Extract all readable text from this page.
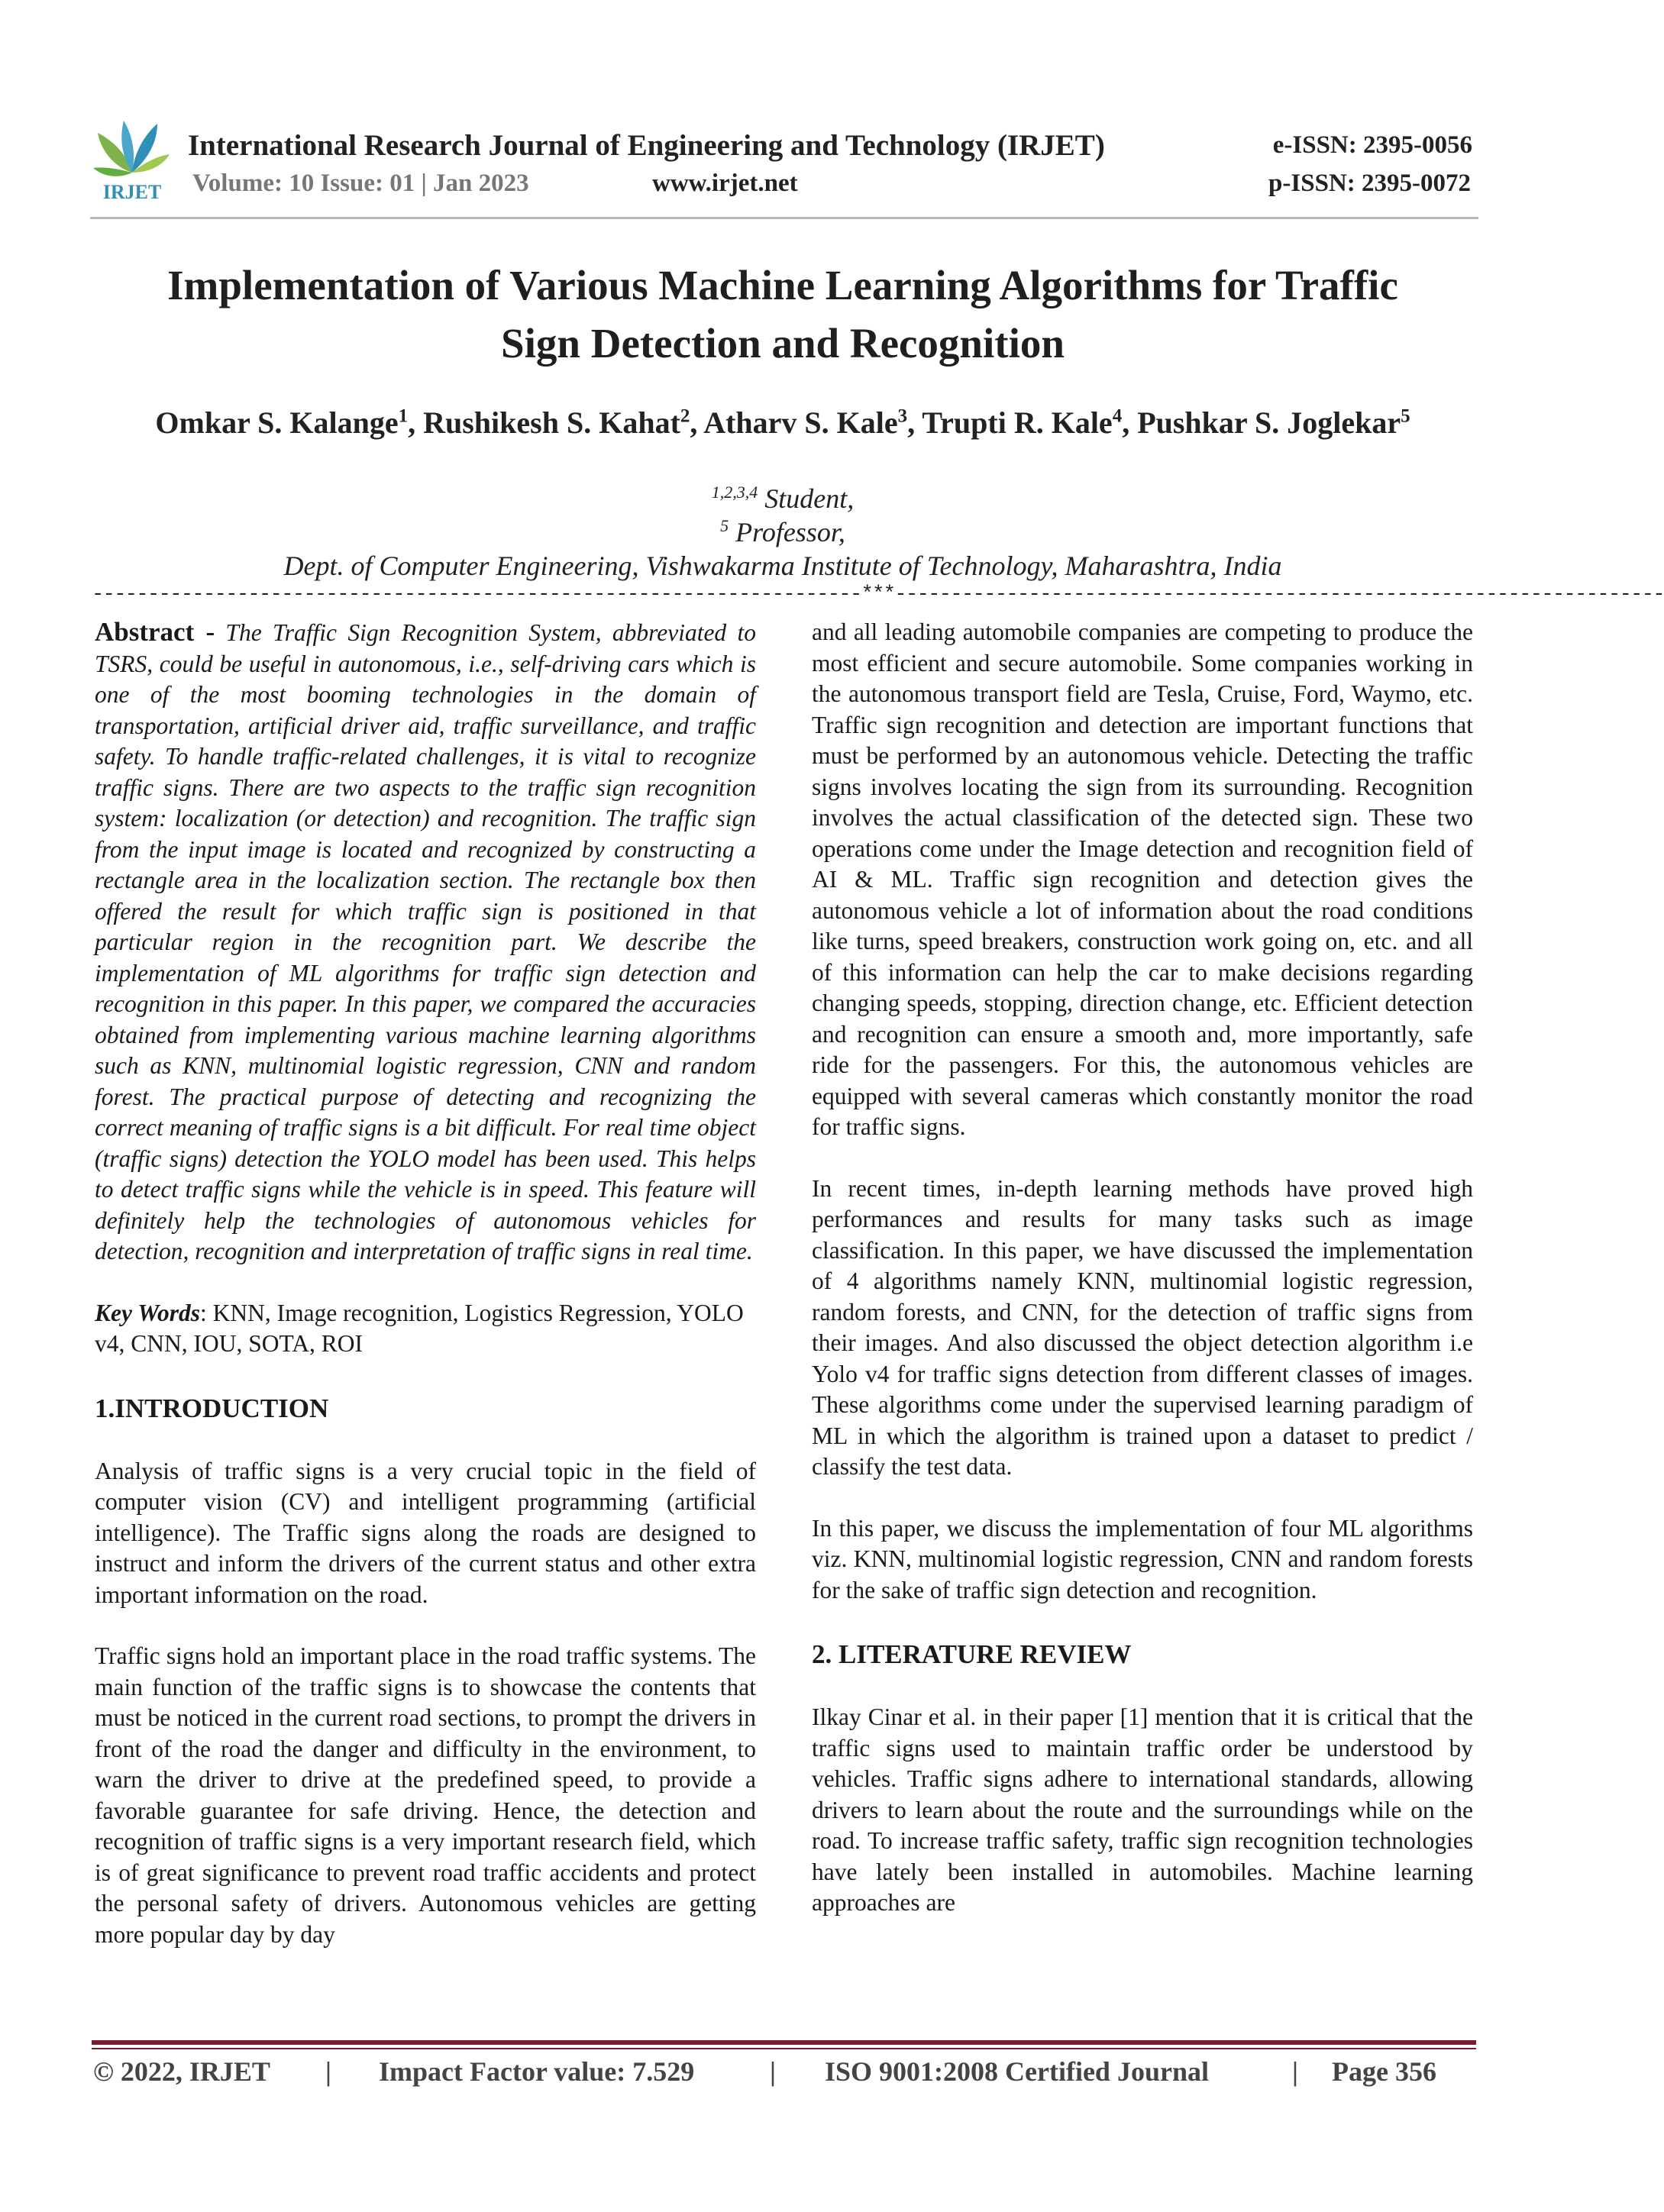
IRJET
International Research Journal of Engineering and Technology (IRJET)	e-ISSN: 2395-0056
Volume: 10 Issue: 01 | Jan 2023	www.irjet.net	p-ISSN: 2395-0072
Implementation of Various Machine Learning Algorithms for Traffic
Sign Detection and Recognition
Omkar S. Kalange$^1$, Rushikesh S. Kahat$^2$, Atharv S. Kale$^3$, Trupti R. Kale$^4$, Pushkar S. Joglekar$^5$
$^{1,2,3,4}$ Student,
$^5$ Professor,
Dept. of Computer Engineering, Vishwakarma Institute of Technology, Maharashtra, India
---------------------------------------------------------------------***---------------------------------------------------------------------

Abstract - The Traffic Sign Recognition System, abbreviated to TSRS, could be useful in autonomous, i.e., self-driving cars which is one of the most booming technologies in the domain of transportation, artificial driver aid, traffic surveillance, and traffic safety. To handle traffic-related challenges, it is vital to recognize traffic signs. There are two aspects to the traffic sign recognition system: localization (or detection) and recognition. The traffic sign from the input image is located and recognized by constructing a rectangle area in the localization section. The rectangle box then offered the result for which traffic sign is positioned in that particular region in the recognition part. We describe the implementation of ML algorithms for traffic sign detection and recognition in this paper. In this paper, we compared the accuracies obtained from implementing various machine learning algorithms such as KNN, multinomial logistic regression, CNN and random forest. The practical purpose of detecting and recognizing the correct meaning of traffic signs is a bit difficult. For real time object (traffic signs) detection the YOLO model has been used. This helps to detect traffic signs while the vehicle is in speed. This feature will definitely help the technologies of autonomous vehicles for detection, recognition and interpretation of traffic signs in real time.

Key Words: KNN, Image recognition, Logistics Regression, YOLO v4, CNN, IOU, SOTA, ROI

1.INTRODUCTION

Analysis of traffic signs is a very crucial topic in the field of computer vision (CV) and intelligent programming (artificial intelligence). The Traffic signs along the roads are designed to instruct and inform the drivers of the current status and other extra important information on the road.

Traffic signs hold an important place in the road traffic systems. The main function of the traffic signs is to showcase the contents that must be noticed in the current road sections, to prompt the drivers in front of the road the danger and difficulty in the environment, to warn the driver to drive at the predefined speed, to provide a favorable guarantee for safe driving. Hence, the detection and recognition of traffic signs is a very important research field, which is of great significance to prevent road traffic accidents and protect the personal safety of drivers. Autonomous vehicles are getting more popular day by day

and all leading automobile companies are competing to produce the most efficient and secure automobile. Some companies working in the autonomous transport field are Tesla, Cruise, Ford, Waymo, etc. Traffic sign recognition and detection are important functions that must be performed by an autonomous vehicle. Detecting the traffic signs involves locating the sign from its surrounding. Recognition involves the actual classification of the detected sign. These two operations come under the Image detection and recognition field of AI & ML. Traffic sign recognition and detection gives the autonomous vehicle a lot of information about the road conditions like turns, speed breakers, construction work going on, etc. and all of this information can help the car to make decisions regarding changing speeds, stopping, direction change, etc. Efficient detection and recognition can ensure a smooth and, more importantly, safe ride for the passengers. For this, the autonomous vehicles are equipped with several cameras which constantly monitor the road for traffic signs.

In recent times, in-depth learning methods have proved high performances and results for many tasks such as image classification. In this paper, we have discussed the implementation of 4 algorithms namely KNN, multinomial logistic regression, random forests, and CNN, for the detection of traffic signs from their images. And also discussed the object detection algorithm i.e Yolo v4 for traffic signs detection from different classes of images. These algorithms come under the supervised learning paradigm of ML in which the algorithm is trained upon a dataset to predict / classify the test data.

In this paper, we discuss the implementation of four ML algorithms viz. KNN, multinomial logistic regression, CNN and random forests for the sake of traffic sign detection and recognition.

2. LITERATURE REVIEW

Ilkay Cinar et al. in their paper [1] mention that it is critical that the traffic signs used to maintain traffic order be understood by vehicles. Traffic signs adhere to international standards, allowing drivers to learn about the route and the surroundings while on the road. To increase traffic safety, traffic sign recognition technologies have lately been installed in automobiles. Machine learning approaches are

© 2022, IRJET | Impact Factor value: 7.529	| ISO 9001:2008 Certified Journal	| Page 356
